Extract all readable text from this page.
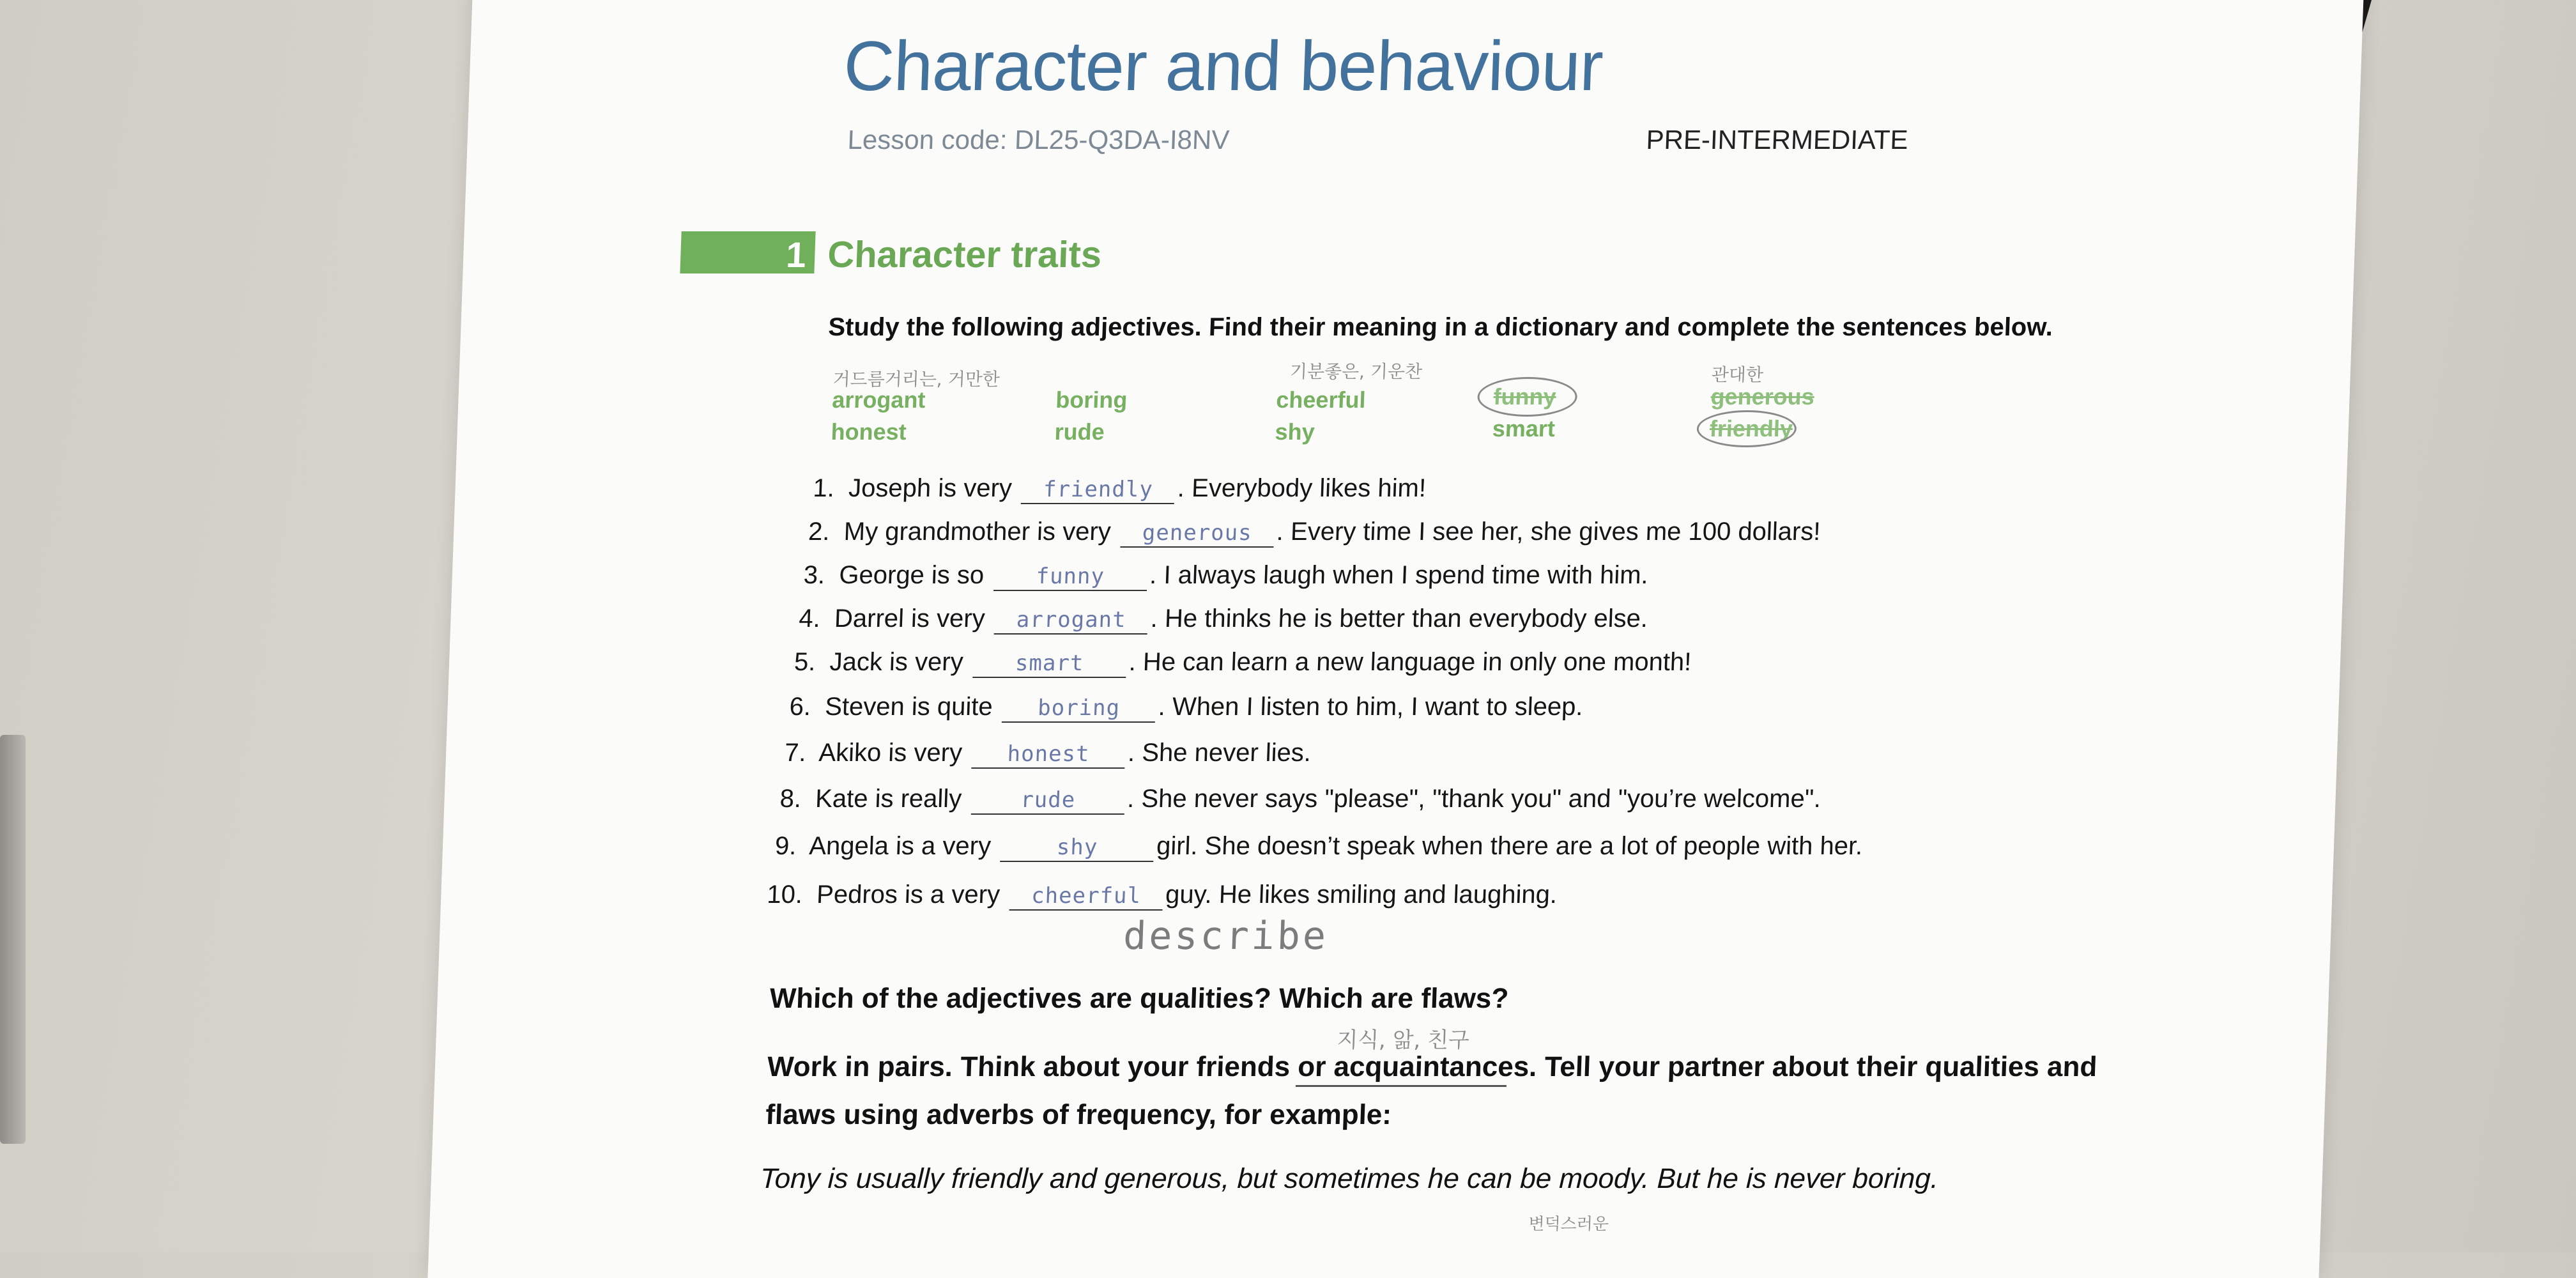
Character and behaviour
Lesson code: DL25-Q3DA-I8NV	PRE-INTERMEDIATE
1 Character traits
Study the following adjectives. Find their meaning in a dictionary and complete the sentences below.
거드름거리는, 거만한	기분좋은, 기운찬	관대한
arrogant	boring	cheerful	funny	generous
honest	rude	shy	smart	friendly
1. Joseph is very friendly . Everybody likes him!
2. My grandmother is very generous . Every time I see her, she gives me 100 dollars!
3. George is so funny . I always laugh when I spend time with him.
4. Darrel is very arrogant . He thinks he is better than everybody else.
5. Jack is very smart . He can learn a new language in only one month!
6. Steven is quite boring . When I listen to him, I want to sleep.
7. Akiko is very honest . She never lies.
8. Kate is really	rude . She never says "please", "thank you" and "you’re welcome".
9. Angela is a very	shy girl. She doesn’t speak when there are a lot of people with her.
10. Pedros is a very cheerful guy. He likes smiling and laughing.
describe
Which of the adjectives are qualities? Which are flaws?
지식, 앎, 친구
Work in pairs. Think about your friends or acquaintances. Tell your partner about their qualities and
flaws using adverbs of frequency, for example:
Tony is usually friendly and generous, but sometimes he can be moody. But he is never boring.
변덕스러운
